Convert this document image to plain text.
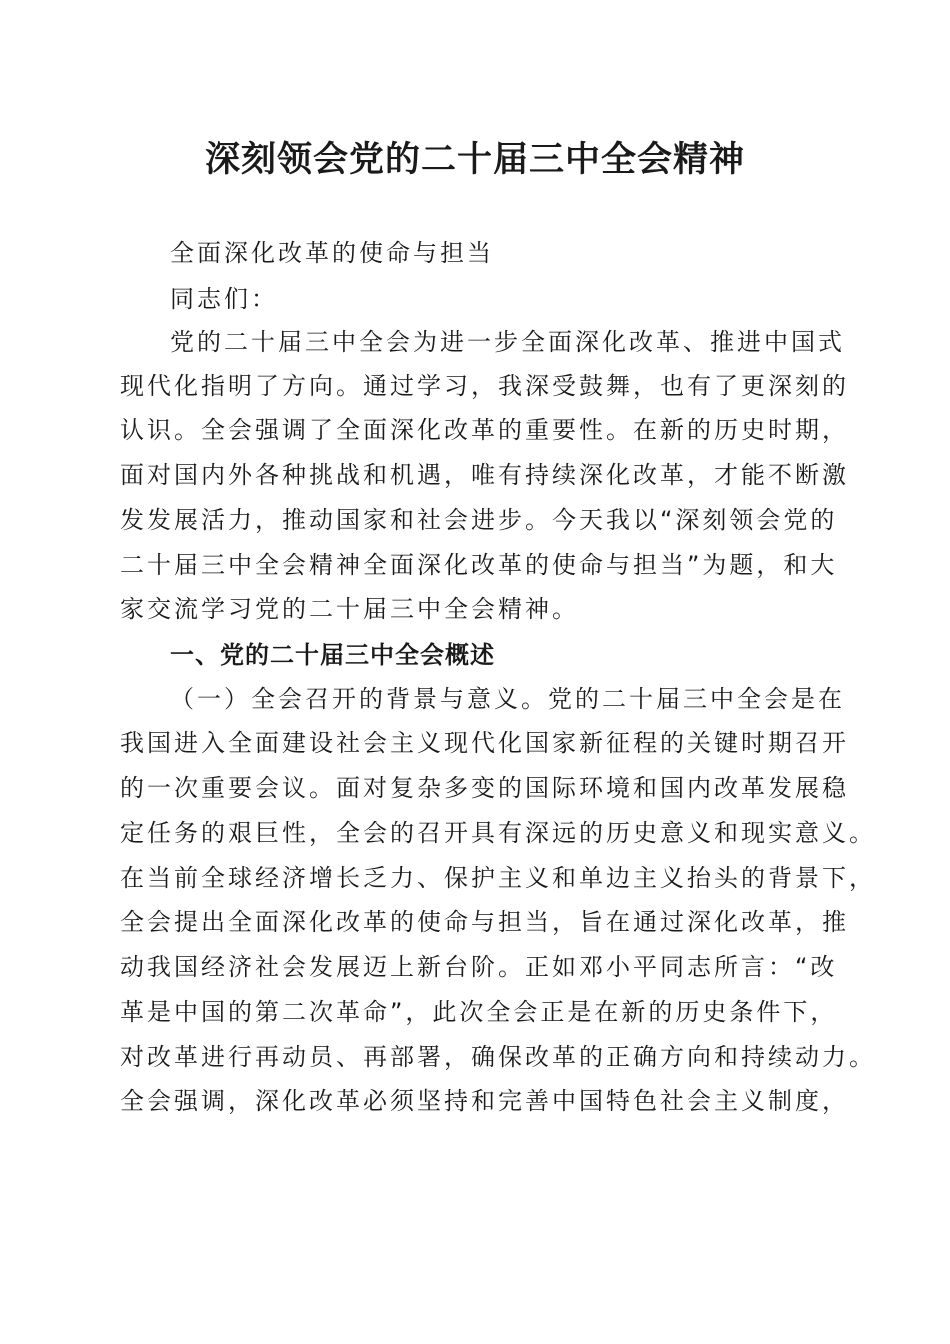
深刻领会党的二十届三中全会精神

全面深化改革的使命与担当

同志们：

党的二十届三中全会为进一步全面深化改革、推进中国式

现代化指明了方向。通过学习，我深受鼓舞，也有了更深刻的

认识。全会强调了全面深化改革的重要性。在新的历史时期，

面对国内外各种挑战和机遇，唯有持续深化改革，才能不断激

发发展活力，推动国家和社会进步。今天我以“深刻领会党的

二十届三中全会精神全面深化改革的使命与担当”为题，和大

家交流学习党的二十届三中全会精神。

一、党的二十届三中全会概述

（一）全会召开的背景与意义。党的二十届三中全会是在

我国进入全面建设社会主义现代化国家新征程的关键时期召开

的一次重要会议。面对复杂多变的国际环境和国内改革发展稳

定任务的艰巨性，全会的召开具有深远的历史意义和现实意义。

在当前全球经济增长乏力、保护主义和单边主义抬头的背景下，

全会提出全面深化改革的使命与担当，旨在通过深化改革，推

动我国经济社会发展迈上新台阶。正如邓小平同志所言：“改

革是中国的第二次革命”，此次全会正是在新的历史条件下，

对改革进行再动员、再部署，确保改革的正确方向和持续动力。

全会强调，深化改革必须坚持和完善中国特色社会主义制度，
